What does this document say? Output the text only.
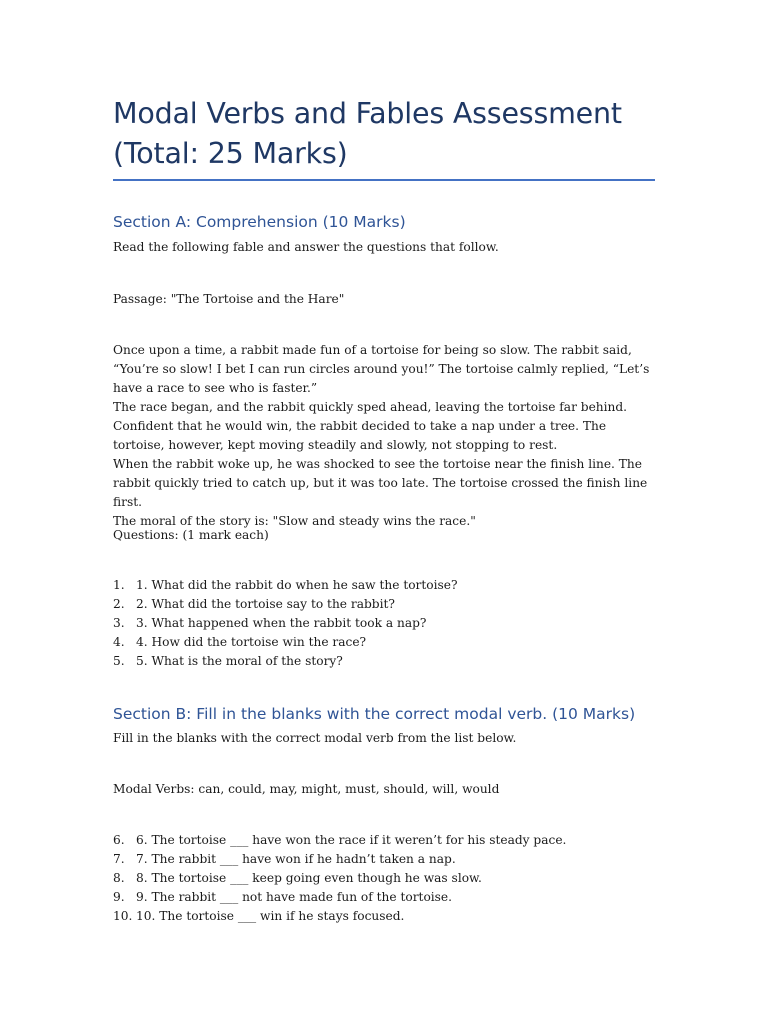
Modal Verbs and Fables Assessment (Total: 25 Marks)
Section A: Comprehension (10 Marks)

Read the following fable and answer the questions that follow.

Passage: "The Tortoise and the Hare"

Once upon a time, a rabbit made fun of a tortoise for being so slow. The rabbit said, “You’re so slow! I bet I can run circles around you!” The tortoise calmly replied, “Let’s have a race to see who is faster.”
The race began, and the rabbit quickly sped ahead, leaving the tortoise far behind. Confident that he would win, the rabbit decided to take a nap under a tree. The tortoise, however, kept moving steadily and slowly, not stopping to rest.
When the rabbit woke up, he was shocked to see the tortoise near the finish line. The rabbit quickly tried to catch up, but it was too late. The tortoise crossed the finish line first.
The moral of the story is: "Slow and steady wins the race."

Questions: (1 mark each)

1. 1. What did the rabbit do when he saw the tortoise?
2. 2. What did the tortoise say to the rabbit?
3. 3. What happened when the rabbit took a nap?
4. 4. How did the tortoise win the race?
5. 5. What is the moral of the story?
Section B: Fill in the blanks with the correct modal verb. (10 Marks)

Fill in the blanks with the correct modal verb from the list below.

Modal Verbs: can, could, may, might, must, should, will, would

6. 6. The tortoise ___ have won the race if it weren’t for his steady pace.
7. 7. The rabbit ___ have won if he hadn’t taken a nap.
8. 8. The tortoise ___ keep going even though he was slow.
9. 9. The rabbit ___ not have made fun of the tortoise.
10. 10. The tortoise ___ win if he stays focused.
